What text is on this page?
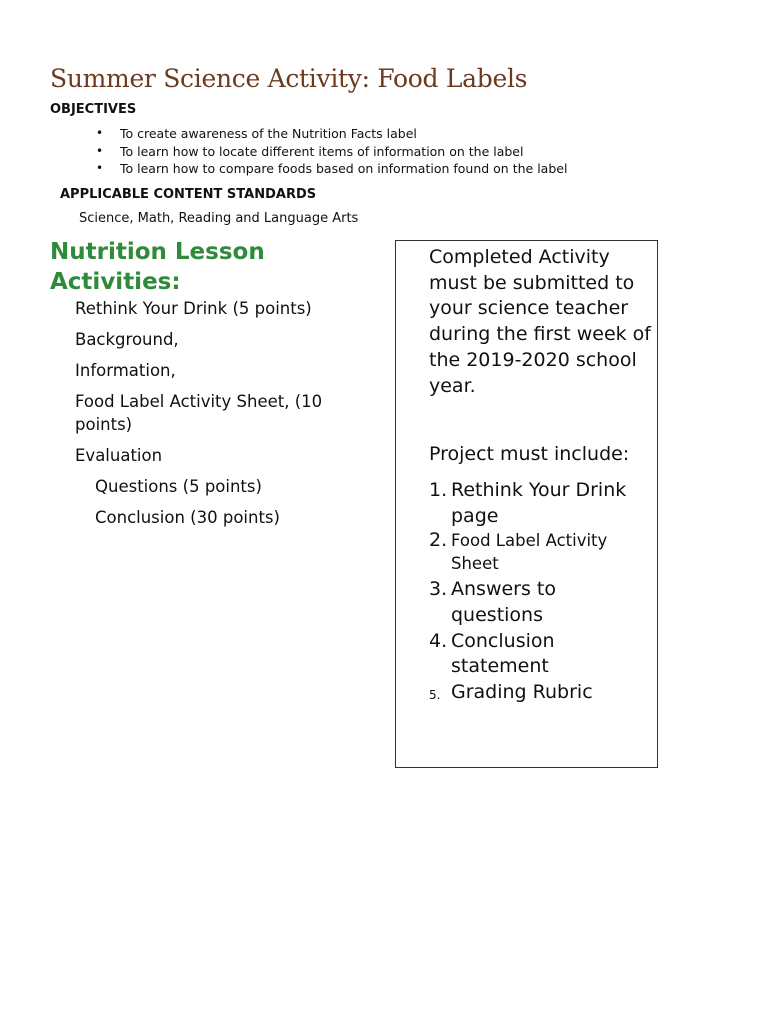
Summer Science Activity: Food Labels
OBJECTIVES
• To create awareness of the Nutrition Facts label
• To learn how to locate different items of information on the label
• To learn how to compare foods based on information found on the label
APPLICABLE CONTENT STANDARDS
Science, Math, Reading and Language Arts
Nutrition Lesson Activities:
Rethink Your Drink (5 points)
Background,
Information,
Food Label Activity Sheet, (10 points)
Evaluation
Questions (5 points)
Conclusion (30 points)

Completed Activity must be submitted to your science teacher during the first week of the 2019-2020 school year.

Project must include:

1. Rethink Your Drink page
2. Food Label Activity Sheet
3. Answers to questions
4. Conclusion statement
5. Grading Rubric
